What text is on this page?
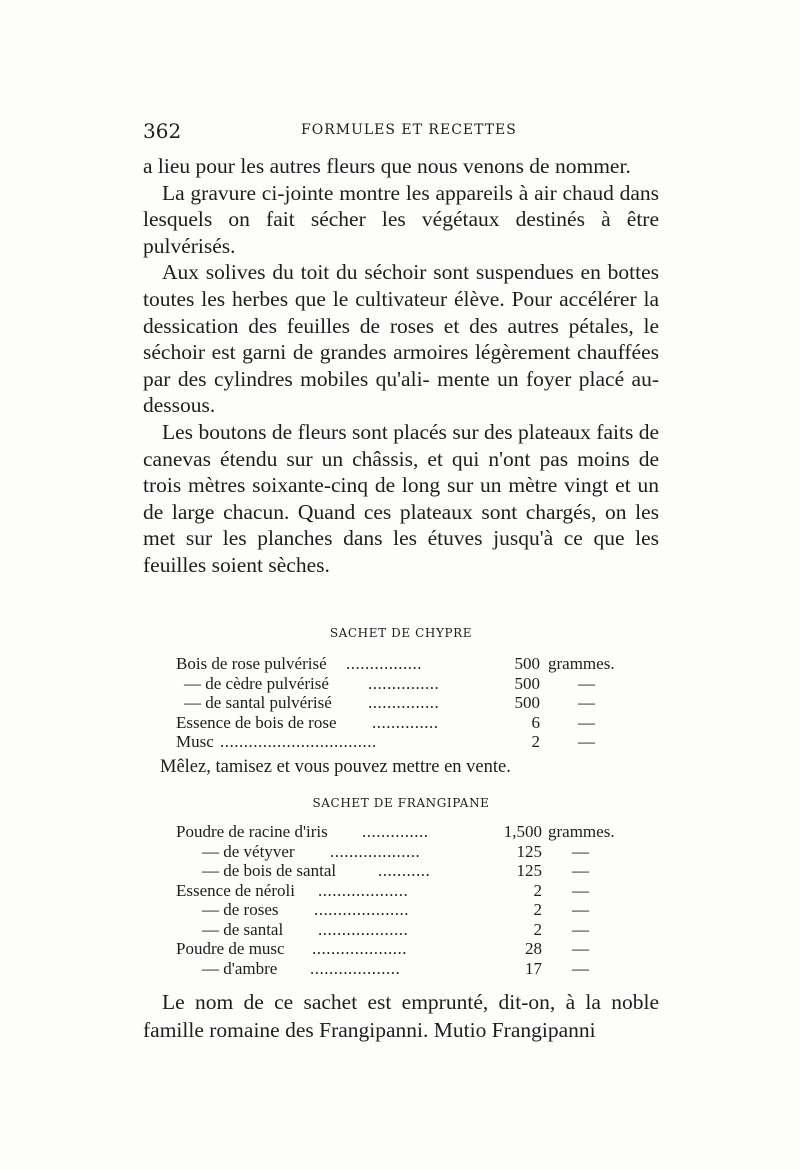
362	FORMULES ET RECETTES

a lieu pour les autres fleurs que nous venons de nommer.

La gravure ci-jointe montre les appareils à air chaud dans lesquels on fait sécher les végétaux destinés à être pulvérisés.

Aux solives du toit du séchoir sont suspendues en bottes toutes les herbes que le cultivateur élève. Pour accélérer la dessication des feuilles de roses et des autres pétales, le séchoir est garni de grandes armoires légèrement chauffées par des cylindres mobiles qu'ali- mente un foyer placé au-dessous.

Les boutons de fleurs sont placés sur des plateaux faits de canevas étendu sur un châssis, et qui n'ont pas moins de trois mètres soixante-cinq de long sur un mètre vingt et un de large chacun. Quand ces plateaux sont chargés, on les met sur les planches dans les étuves jusqu'à ce que les feuilles soient sèches.

SACHET DE CHYPRE
Bois de rose pulvérisé ................	500 grammes.
— de cèdre pulvérisé ...............	500 —
— de santal pulvérisé ...............	500 —
Essence de bois de rose ..............	6 —
Musc .................................	2 —
Mêlez, tamisez et vous pouvez mettre en vente.
SACHET DE FRANGIPANE
Poudre de racine d'iris ..............	1,500 grammes.
— de vétyver ...................	125 —
— de bois de santal ...........	125 —
Essence de néroli ...................	2 —
— de roses ....................	2 —
— de santal ...................	2 —
Poudre de musc ....................	28 —
— d'ambre ...................	17 —

Le nom de ce sachet est emprunté, dit-on, à la noble famille romaine des Frangipanni. Mutio Frangipanni
